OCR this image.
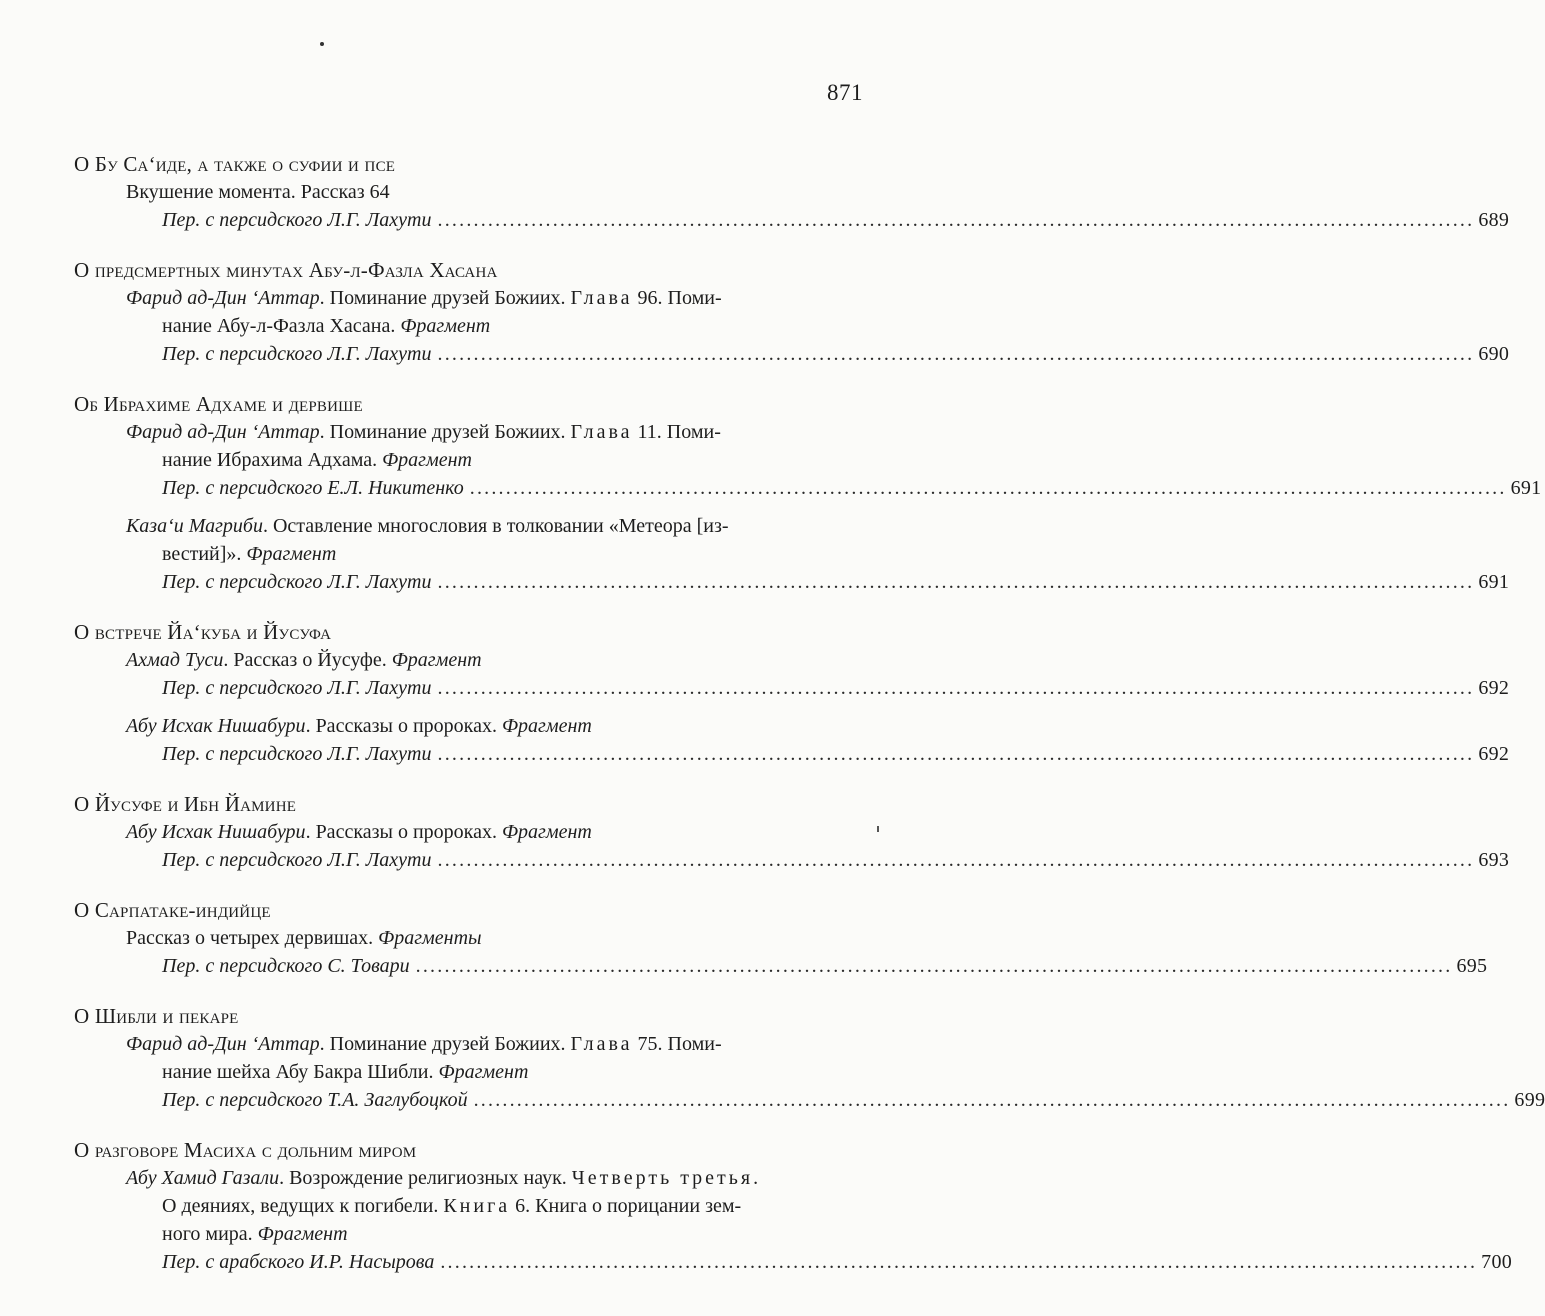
871
О Бу Са‘иде, а также о суфии и псе
Вкушение момента. Рассказ 64
Пер. с персидского Л.Г. Лахути ................................................................................................................................................ 689
О предсмертных минутах Абу-л-Фазла Хасана
Фарид ад-Дин ‘Аттар. Поминание друзей Божиих. Глава 96. Поми-
нание Абу-л-Фазла Хасана. Фрагмент
Пер. с персидского Л.Г. Лахути ................................................................................................................................................ 690
Об Ибрахиме Адхаме и дервише
Фарид ад-Дин ‘Аттар. Поминание друзей Божиих. Глава 11. Поми-
нание Ибрахима Адхама. Фрагмент
Пер. с персидского Е.Л. Никитенко ................................................................................................................................................ 691
Каза‘и Магриби. Оставление многословия в толковании «Метеора [из-
вестий]». Фрагмент
Пер. с персидского Л.Г. Лахути ................................................................................................................................................ 691
О встрече Йа‘куба и Йусуфа
Ахмад Туси. Рассказ о Йусуфе. Фрагмент
Пер. с персидского Л.Г. Лахути ................................................................................................................................................ 692
Абу Исхак Нишабури. Рассказы о пророках. Фрагмент
Пер. с персидского Л.Г. Лахути ................................................................................................................................................ 692
О Йусуфе и Ибн Йамине
Абу Исхак Нишабури. Рассказы о пророках. Фрагмент
Пер. с персидского Л.Г. Лахути ................................................................................................................................................ 693
О Сарпатаке-индийце
Рассказ о четырех дервишах. Фрагменты
Пер. с персидского С. Товари ................................................................................................................................................ 695
О Шибли и пекаре
Фарид ад-Дин ‘Аттар. Поминание друзей Божиих. Глава 75. Поми-
нание шейха Абу Бакра Шибли. Фрагмент
Пер. с персидского Т.А. Заглубоцкой ................................................................................................................................................ 699
О разговоре Масиха с дольним миром
Абу Хамид Газали. Возрождение религиозных наук. Четверть третья.
О деяниях, ведущих к погибели. Книга 6. Книга о порицании зем-
ного мира. Фрагмент
Пер. с арабского И.Р. Насырова ................................................................................................................................................ 700
